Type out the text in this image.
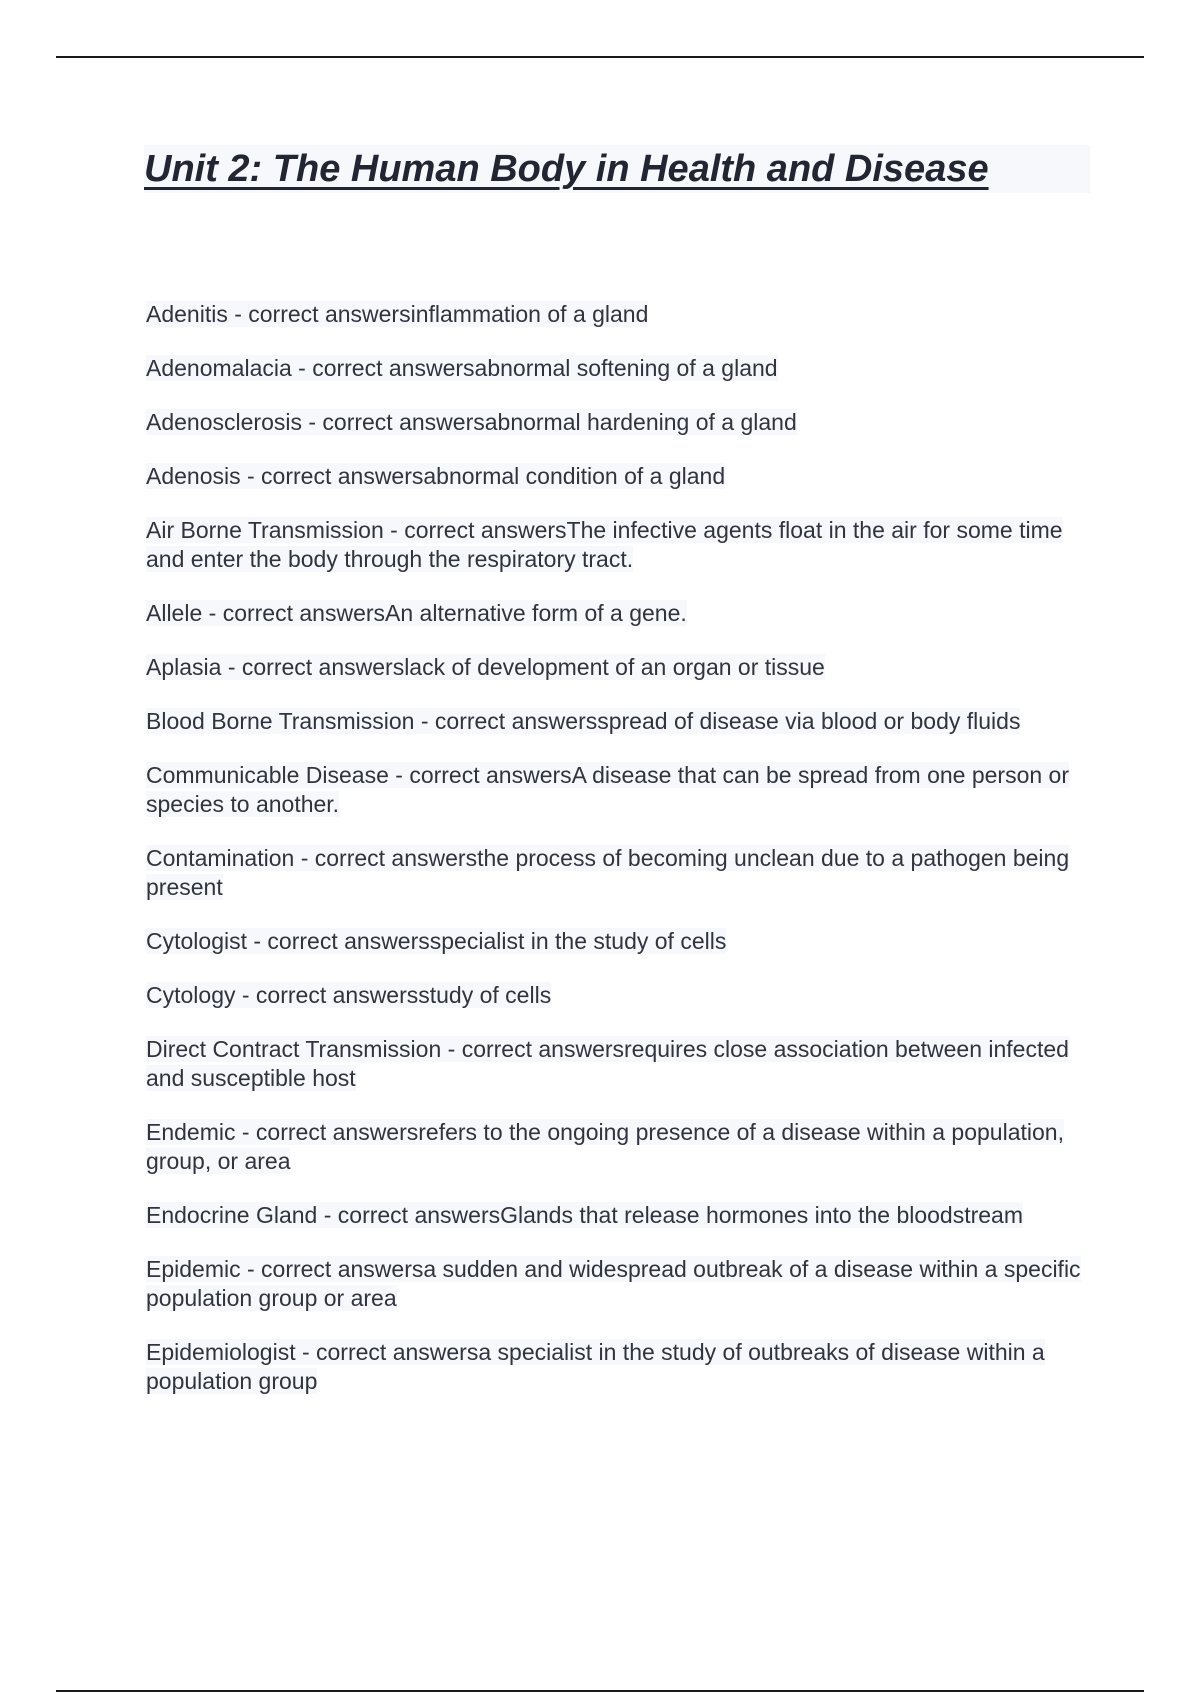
Unit 2: The Human Body in Health and Disease

Adenitis - correct answersinflammation of a gland

Adenomalacia - correct answersabnormal softening of a gland

Adenosclerosis - correct answersabnormal hardening of a gland

Adenosis - correct answersabnormal condition of a gland

Air Borne Transmission - correct answersThe infective agents float in the air for some time and enter the body through the respiratory tract.

Allele - correct answersAn alternative form of a gene.

Aplasia - correct answerslack of development of an organ or tissue

Blood Borne Transmission - correct answersspread of disease via blood or body fluids

Communicable Disease - correct answersA disease that can be spread from one person or species to another.

Contamination - correct answersthe process of becoming unclean due to a pathogen being present

Cytologist - correct answersspecialist in the study of cells

Cytology - correct answersstudy of cells

Direct Contract Transmission - correct answersrequires close association between infected and susceptible host

Endemic - correct answersrefers to the ongoing presence of a disease within a population, group, or area

Endocrine Gland - correct answersGlands that release hormones into the bloodstream

Epidemic - correct answersa sudden and widespread outbreak of a disease within a specific population group or area

Epidemiologist - correct answersa specialist in the study of outbreaks of disease within a population group
